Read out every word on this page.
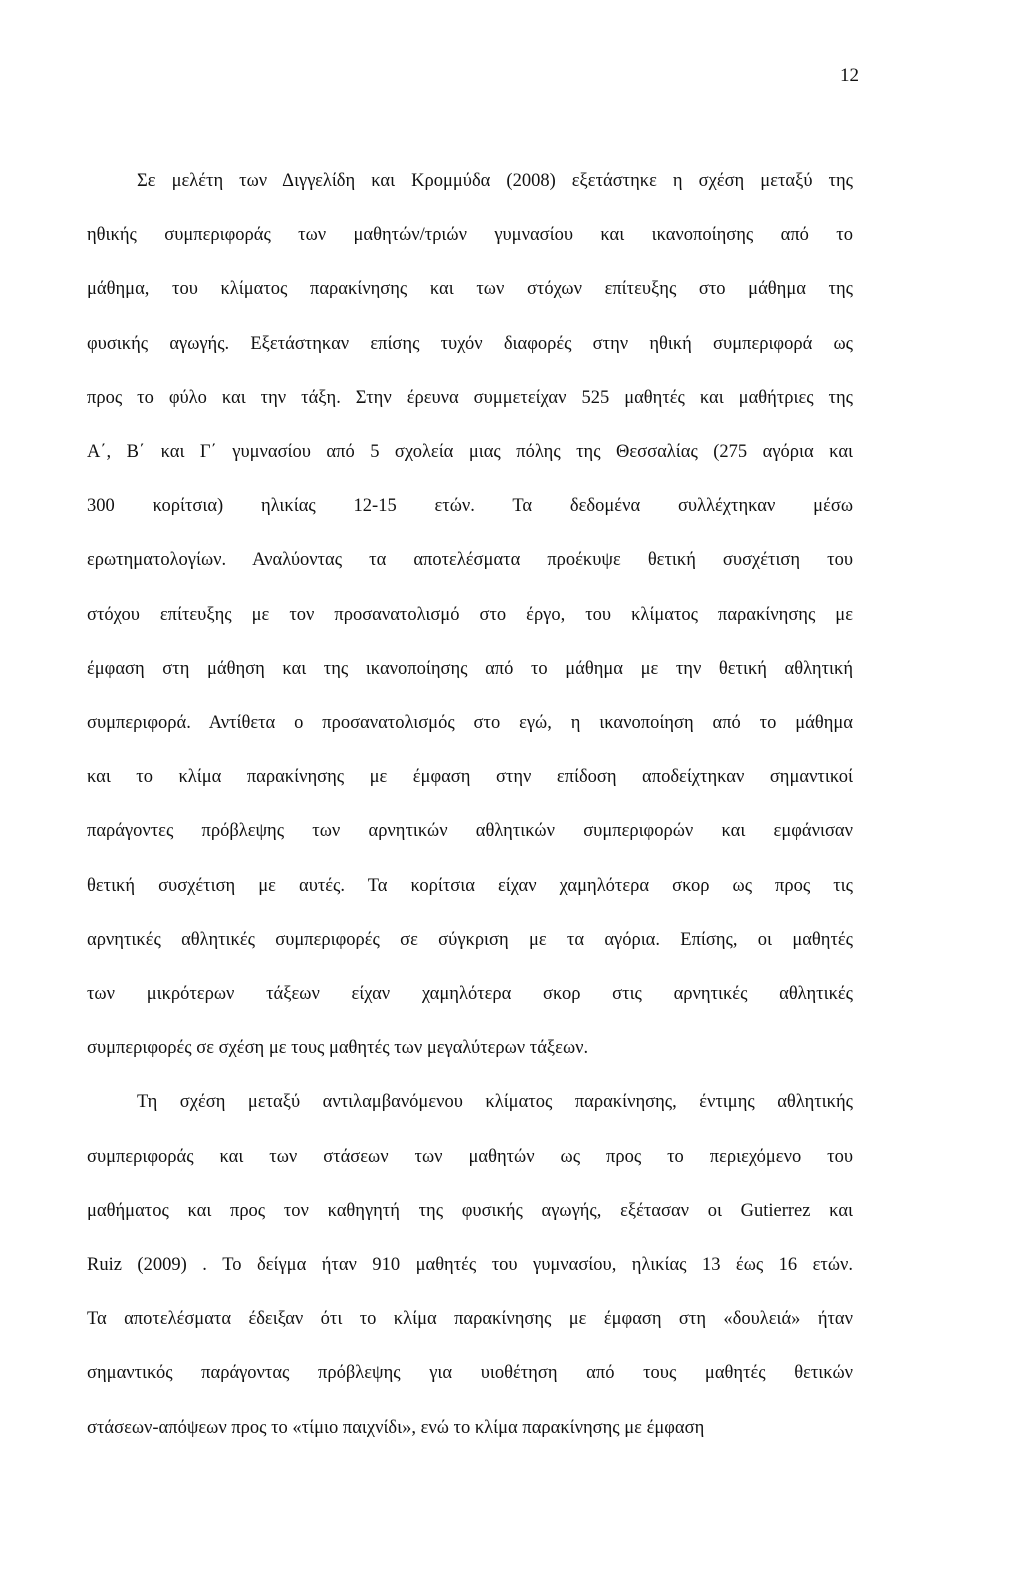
12
Σε μελέτη των Διγγελίδη και Κρομμύδα (2008) εξετάστηκε η σχέση μεταξύ της
ηθικής συμπεριφοράς των μαθητών/τριών γυμνασίου και ικανοποίησης από το
μάθημα, του κλίματος παρακίνησης και των στόχων επίτευξης στο μάθημα της
φυσικής αγωγής. Εξετάστηκαν επίσης τυχόν διαφορές στην ηθική συμπεριφορά ως
προς το φύλο και την τάξη. Στην έρευνα συμμετείχαν 525 μαθητές και μαθήτριες της
Α΄, Β΄ και Γ΄ γυμνασίου από 5 σχολεία μιας πόλης της Θεσσαλίας (275 αγόρια και
300 κορίτσια) ηλικίας 12-15 ετών. Τα δεδομένα συλλέχτηκαν μέσω
ερωτηματολογίων. Αναλύοντας τα αποτελέσματα προέκυψε θετική συσχέτιση του
στόχου επίτευξης με τον προσανατολισμό στο έργο, του κλίματος παρακίνησης με
έμφαση στη μάθηση και της ικανοποίησης από το μάθημα με την θετική αθλητική
συμπεριφορά. Αντίθετα ο προσανατολισμός στο εγώ, η ικανοποίηση από το μάθημα
και το κλίμα παρακίνησης με έμφαση στην επίδοση αποδείχτηκαν σημαντικοί
παράγοντες πρόβλεψης των αρνητικών αθλητικών συμπεριφορών και εμφάνισαν
θετική συσχέτιση με αυτές. Τα κορίτσια είχαν χαμηλότερα σκορ ως προς τις
αρνητικές αθλητικές συμπεριφορές σε σύγκριση με τα αγόρια. Επίσης, οι μαθητές
των μικρότερων τάξεων είχαν χαμηλότερα σκορ στις αρνητικές αθλητικές
συμπεριφορές σε σχέση με τους μαθητές των μεγαλύτερων τάξεων.
Τη σχέση μεταξύ αντιλαμβανόμενου κλίματος παρακίνησης, έντιμης αθλητικής
συμπεριφοράς και των στάσεων των μαθητών ως προς το περιεχόμενο του
μαθήματος και προς τον καθηγητή της φυσικής αγωγής, εξέτασαν οι Gutierrez και
Ruiz (2009) . Το δείγμα ήταν 910 μαθητές του γυμνασίου, ηλικίας 13 έως 16 ετών.
Τα αποτελέσματα έδειξαν ότι το κλίμα παρακίνησης με έμφαση στη «δουλειά» ήταν
σημαντικός παράγοντας πρόβλεψης για υιοθέτηση από τους μαθητές θετικών
στάσεων-απόψεων προς το «τίμιο παιχνίδι», ενώ το κλίμα παρακίνησης με έμφαση
